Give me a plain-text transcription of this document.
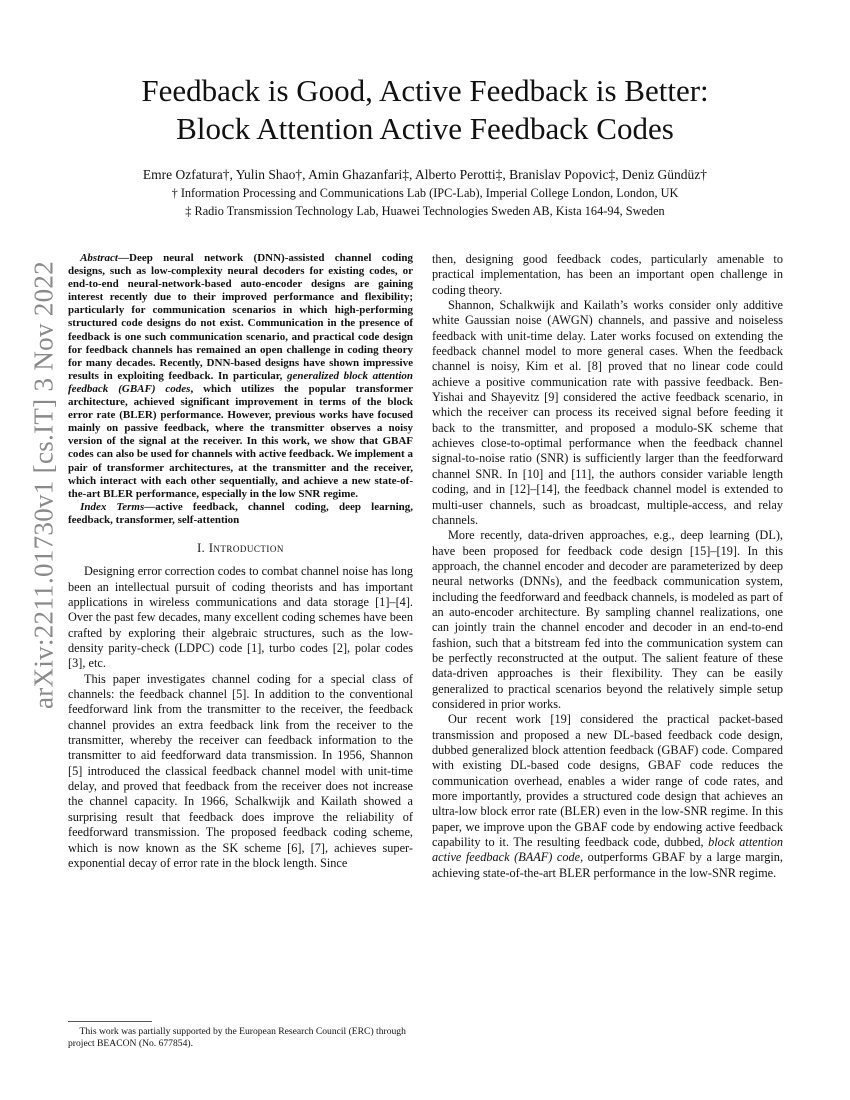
arXiv:2211.01730v1 [cs.IT] 3 Nov 2022
Feedback is Good, Active Feedback is Better:
Block Attention Active Feedback Codes
Emre Ozfatura†, Yulin Shao†, Amin Ghazanfari‡, Alberto Perotti‡, Branislav Popovic‡, Deniz Gündüz†
† Information Processing and Communications Lab (IPC-Lab), Imperial College London, London, UK
‡ Radio Transmission Technology Lab, Huawei Technologies Sweden AB, Kista 164-94, Sweden

Abstract—Deep neural network (DNN)-assisted channel coding designs, such as low-complexity neural decoders for existing codes, or end-to-end neural-network-based auto-encoder designs are gaining interest recently due to their improved performance and flexibility; particularly for communication scenarios in which high-performing structured code designs do not exist. Communication in the presence of feedback is one such communication scenario, and practical code design for feedback channels has remained an open challenge in coding theory for many decades. Recently, DNN-based designs have shown impressive results in exploiting feedback. In particular, generalized block attention feedback (GBAF) codes, which utilizes the popular transformer architecture, achieved significant improvement in terms of the block error rate (BLER) performance. However, previous works have focused mainly on passive feedback, where the transmitter observes a noisy version of the signal at the receiver. In this work, we show that GBAF codes can also be used for channels with active feedback. We implement a pair of transformer architectures, at the transmitter and the receiver, which interact with each other sequentially, and achieve a new state-of-the-art BLER performance, especially in the low SNR regime.

Index Terms—active feedback, channel coding, deep learning, feedback, transformer, self-attention

I. Introduction

Designing error correction codes to combat channel noise has long been an intellectual pursuit of coding theorists and has important applications in wireless communications and data storage [1]–[4]. Over the past few decades, many excellent coding schemes have been crafted by exploring their algebraic structures, such as the low-density parity-check (LDPC) code [1], turbo codes [2], polar codes [3], etc.

This paper investigates channel coding for a special class of channels: the feedback channel [5]. In addition to the conventional feedforward link from the transmitter to the receiver, the feedback channel provides an extra feedback link from the receiver to the transmitter, whereby the receiver can feedback information to the transmitter to aid feedforward data transmission. In 1956, Shannon [5] introduced the classical feedback channel model with unit-time delay, and proved that feedback from the receiver does not increase the channel capacity. In 1966, Schalkwijk and Kailath showed a surprising result that feedback does improve the reliability of feedforward transmission. The proposed feedback coding scheme, which is now known as the SK scheme [6], [7], achieves super-exponential decay of error rate in the block length. Since

This work was partially supported by the European Research Council (ERC) through project BEACON (No. 677854).

then, designing good feedback codes, particularly amenable to practical implementation, has been an important open challenge in coding theory.

Shannon, Schalkwijk and Kailath’s works consider only additive white Gaussian noise (AWGN) channels, and passive and noiseless feedback with unit-time delay. Later works focused on extending the feedback channel model to more general cases. When the feedback channel is noisy, Kim et al. [8] proved that no linear code could achieve a positive communication rate with passive feedback. Ben-Yishai and Shayevitz [9] considered the active feedback scenario, in which the receiver can process its received signal before feeding it back to the transmitter, and proposed a modulo-SK scheme that achieves close-to-optimal performance when the feedback channel signal-to-noise ratio (SNR) is sufficiently larger than the feedforward channel SNR. In [10] and [11], the authors consider variable length coding, and in [12]–[14], the feedback channel model is extended to multi-user channels, such as broadcast, multiple-access, and relay channels.

More recently, data-driven approaches, e.g., deep learning (DL), have been proposed for feedback code design [15]–[19]. In this approach, the channel encoder and decoder are parameterized by deep neural networks (DNNs), and the feedback communication system, including the feedforward and feedback channels, is modeled as part of an auto-encoder architecture. By sampling channel realizations, one can jointly train the channel encoder and decoder in an end-to-end fashion, such that a bitstream fed into the communication system can be perfectly reconstructed at the output. The salient feature of these data-driven approaches is their flexibility. They can be easily generalized to practical scenarios beyond the relatively simple setup considered in prior works.

Our recent work [19] considered the practical packet-based transmission and proposed a new DL-based feedback code design, dubbed generalized block attention feedback (GBAF) code. Compared with existing DL-based code designs, GBAF code reduces the communication overhead, enables a wider range of code rates, and more importantly, provides a structured code design that achieves an ultra-low block error rate (BLER) even in the low-SNR regime. In this paper, we improve upon the GBAF code by endowing active feedback capability to it. The resulting feedback code, dubbed, block attention active feedback (BAAF) code, outperforms GBAF by a large margin, achieving state-of-the-art BLER performance in the low-SNR regime.
